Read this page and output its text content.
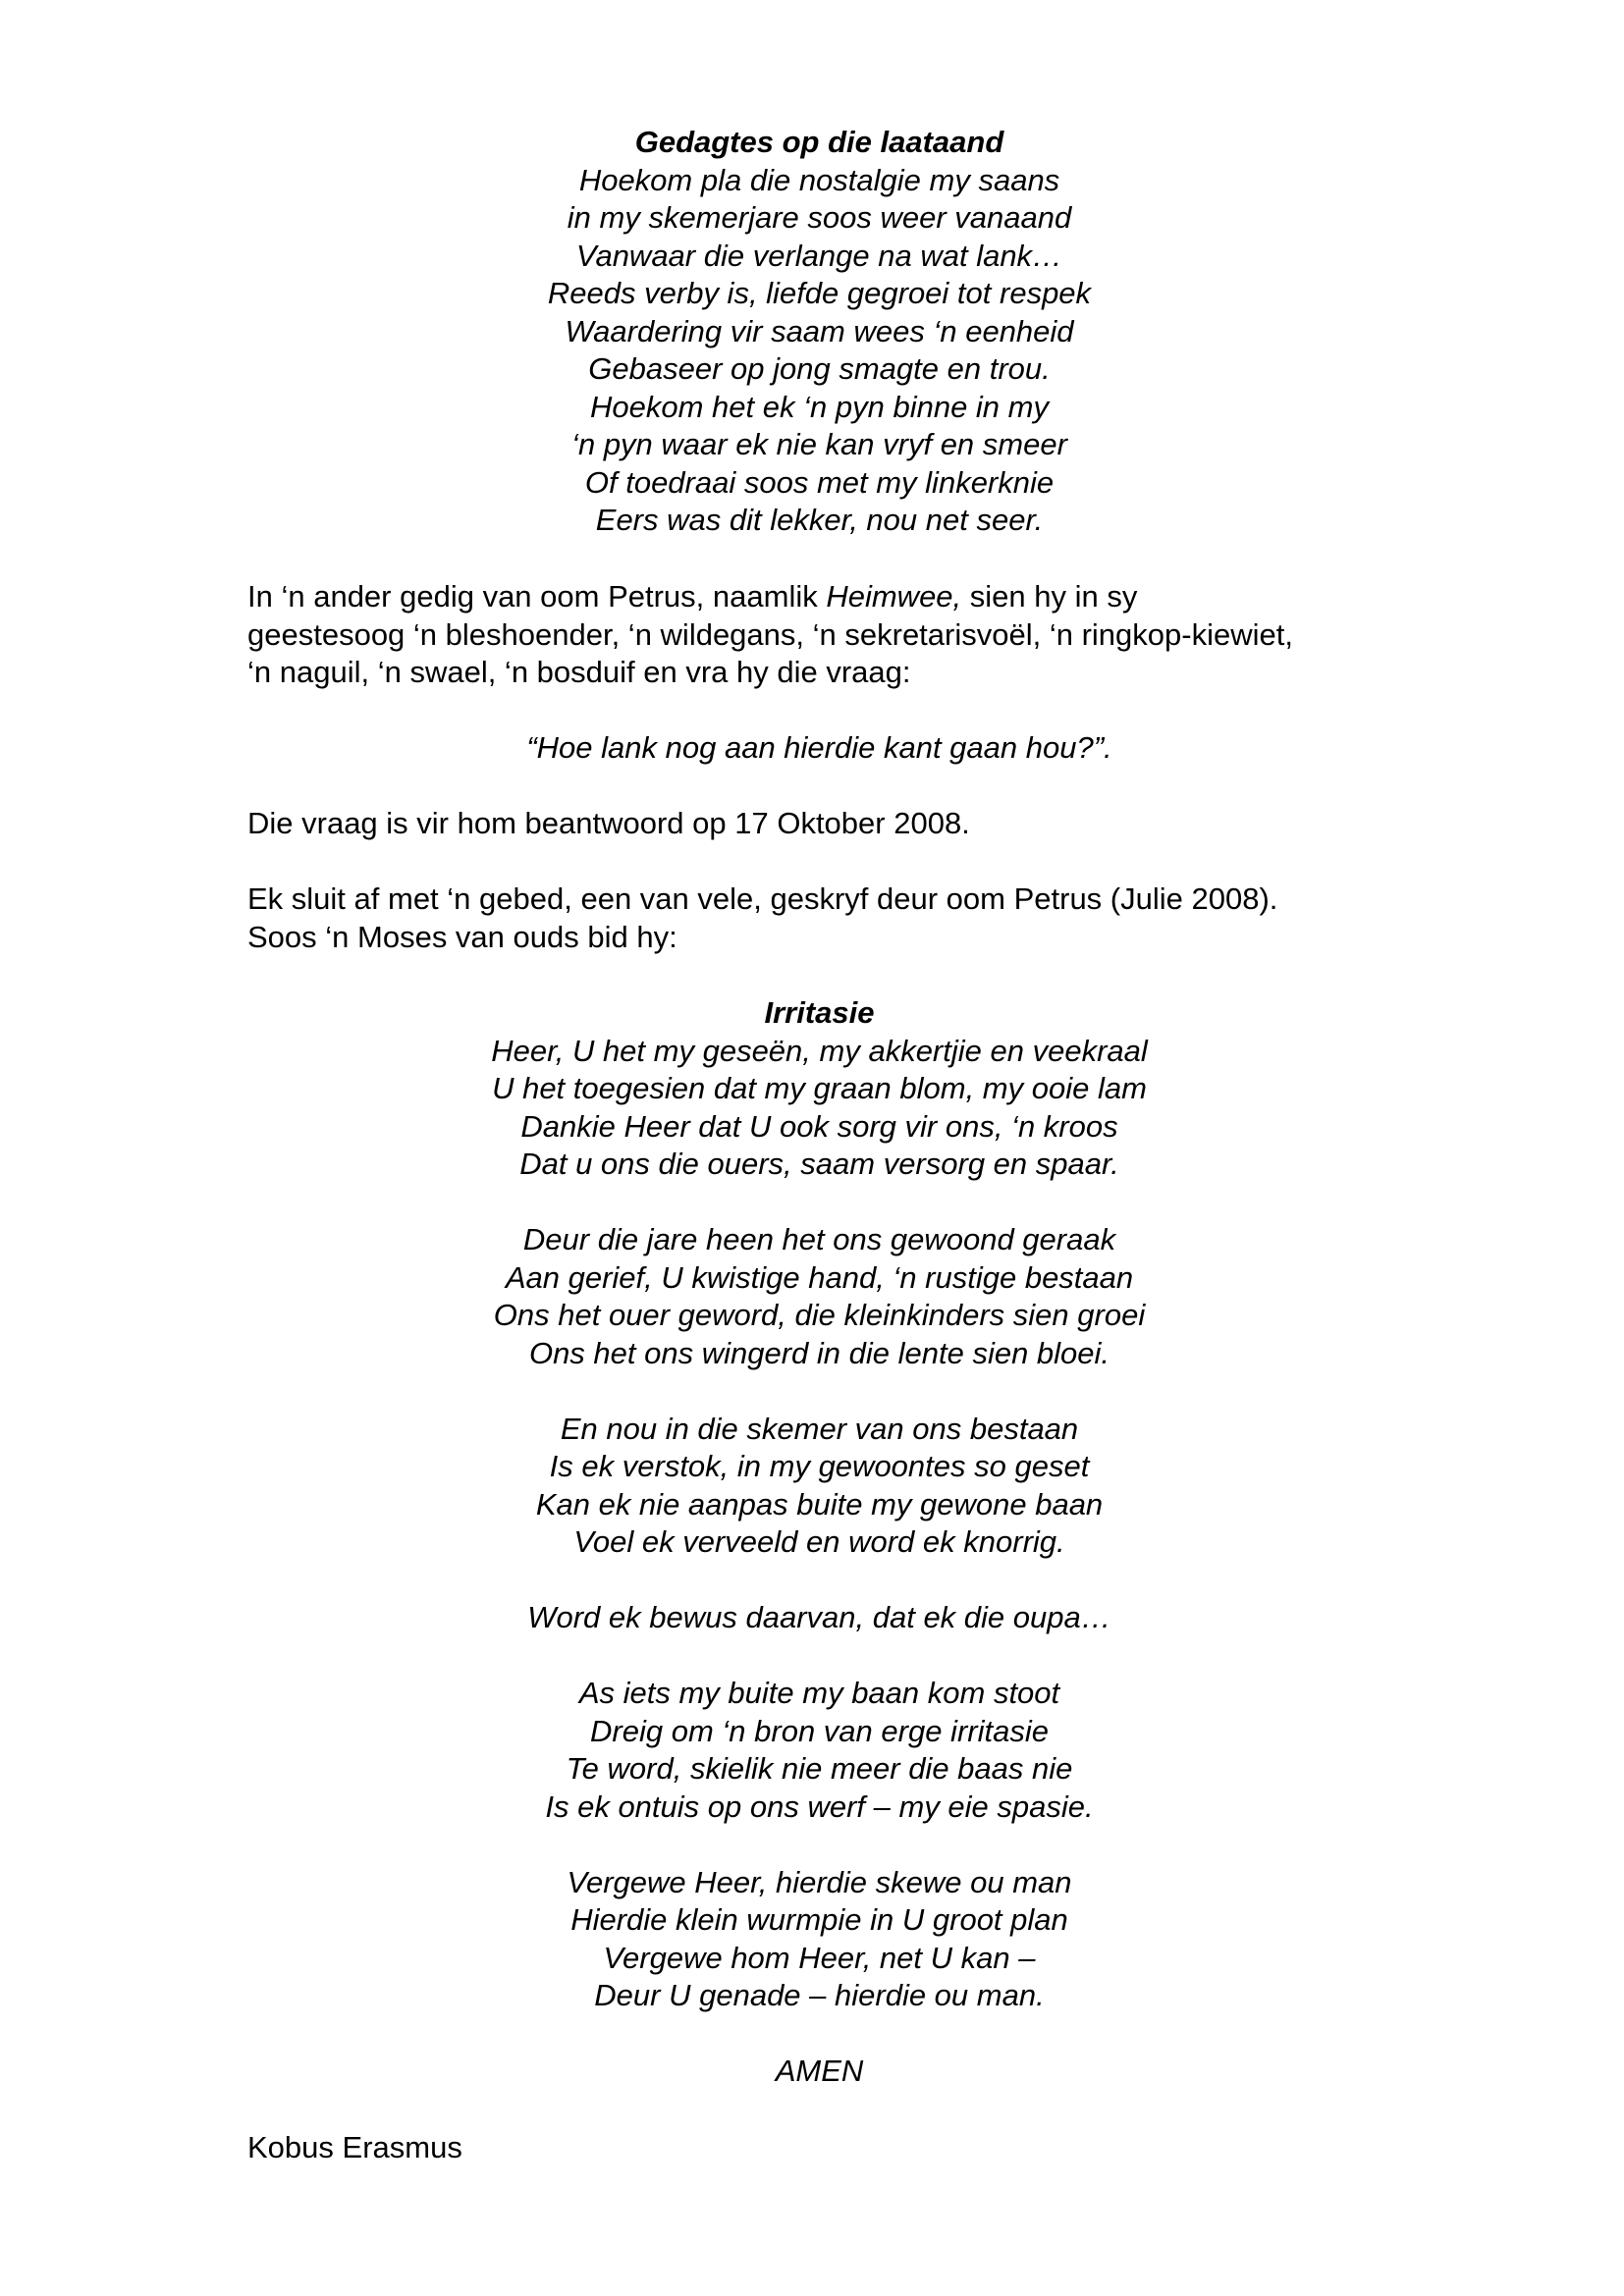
Gedagtes op die laataand
Hoekom pla die nostalgie my saans
in my skemerjare soos weer vanaand
Vanwaar die verlange na wat lank…
Reeds verby is, liefde gegroei tot respek
Waardering vir saam wees ‘n eenheid
Gebaseer op jong smagte en trou.
Hoekom het ek ‘n pyn binne in my
‘n pyn waar ek nie kan vryf en smeer
Of toedraai soos met my linkerknie
Eers was dit lekker, nou net seer.
In ‘n ander gedig van oom Petrus, naamlik Heimwee, sien hy in sy
geestesoog ‘n bleshoender, ‘n wildegans, ‘n sekretarisvoël, ‘n ringkop-kiewiet,
‘n naguil, ‘n swael, ‘n bosduif en vra hy die vraag:
“Hoe lank nog aan hierdie kant gaan hou?”.
Die vraag is vir hom beantwoord op 17 Oktober 2008.
Ek sluit af met ‘n gebed, een van vele, geskryf deur oom Petrus (Julie 2008).
Soos ‘n Moses van ouds bid hy:
Irritasie
Heer, U het my geseën, my akkertjie en veekraal
U het toegesien dat my graan blom, my ooie lam
Dankie Heer dat U ook sorg vir ons, ‘n kroos
Dat u ons die ouers, saam versorg en spaar.
Deur die jare heen het ons gewoond geraak
Aan gerief, U kwistige hand, ‘n rustige bestaan
Ons het ouer geword, die kleinkinders sien groei
Ons het ons wingerd in die lente sien bloei.
En nou in die skemer van ons bestaan
Is ek verstok, in my gewoontes so geset
Kan ek nie aanpas buite my gewone baan
Voel ek verveeld en word ek knorrig.
Word ek bewus daarvan, dat ek die oupa…
As iets my buite my baan kom stoot
Dreig om ‘n bron van erge irritasie
Te word, skielik nie meer die baas nie
Is ek ontuis op ons werf – my eie spasie.
Vergewe Heer, hierdie skewe ou man
Hierdie klein wurmpie in U groot plan
Vergewe hom Heer, net U kan –
Deur U genade – hierdie ou man.
AMEN
Kobus Erasmus
